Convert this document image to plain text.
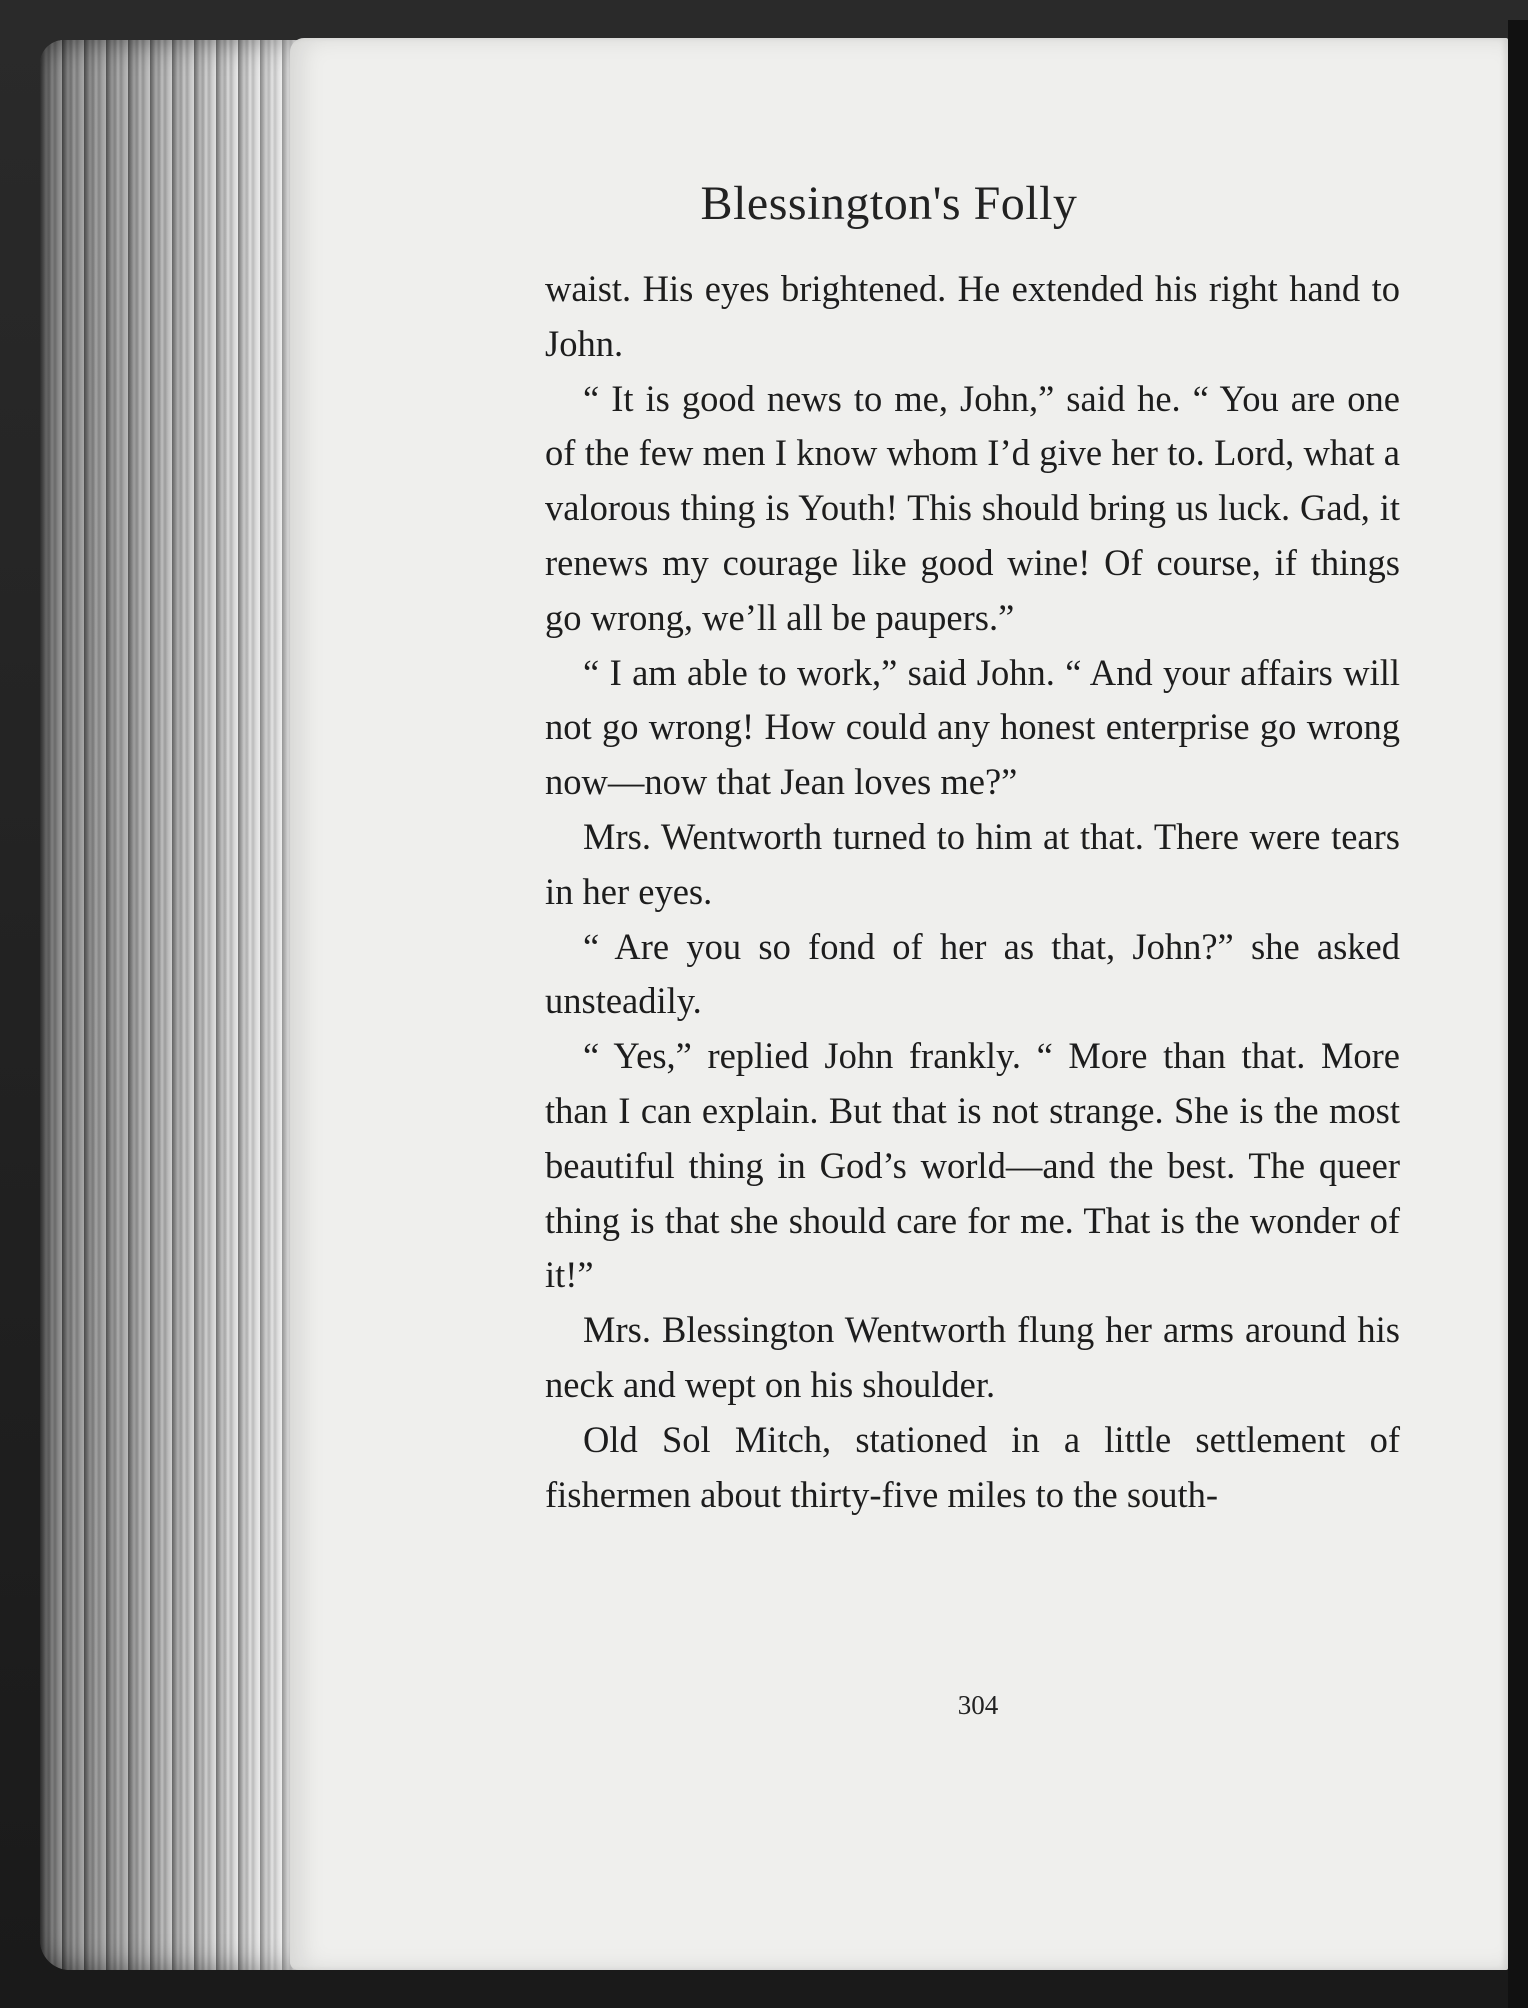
Blessington's Folly

waist. His eyes brightened. He extended his right hand to John.

“ It is good news to me, John,” said he. “ You are one of the few men I know whom I’d give her to. Lord, what a valorous thing is Youth! This should bring us luck. Gad, it renews my courage like good wine! Of course, if things go wrong, we’ll all be paupers.”

“ I am able to work,” said John. “ And your affairs will not go wrong! How could any honest enterprise go wrong now—now that Jean loves me?”

Mrs. Wentworth turned to him at that. There were tears in her eyes.

“ Are you so fond of her as that, John?” she asked unsteadily.

“ Yes,” replied John frankly. “ More than that. More than I can explain. But that is not strange. She is the most beautiful thing in God’s world—and the best. The queer thing is that she should care for me. That is the wonder of it!”

Mrs. Blessington Wentworth flung her arms around his neck and wept on his shoulder.

Old Sol Mitch, stationed in a little settlement of fishermen about thirty-five miles to the south-

304
